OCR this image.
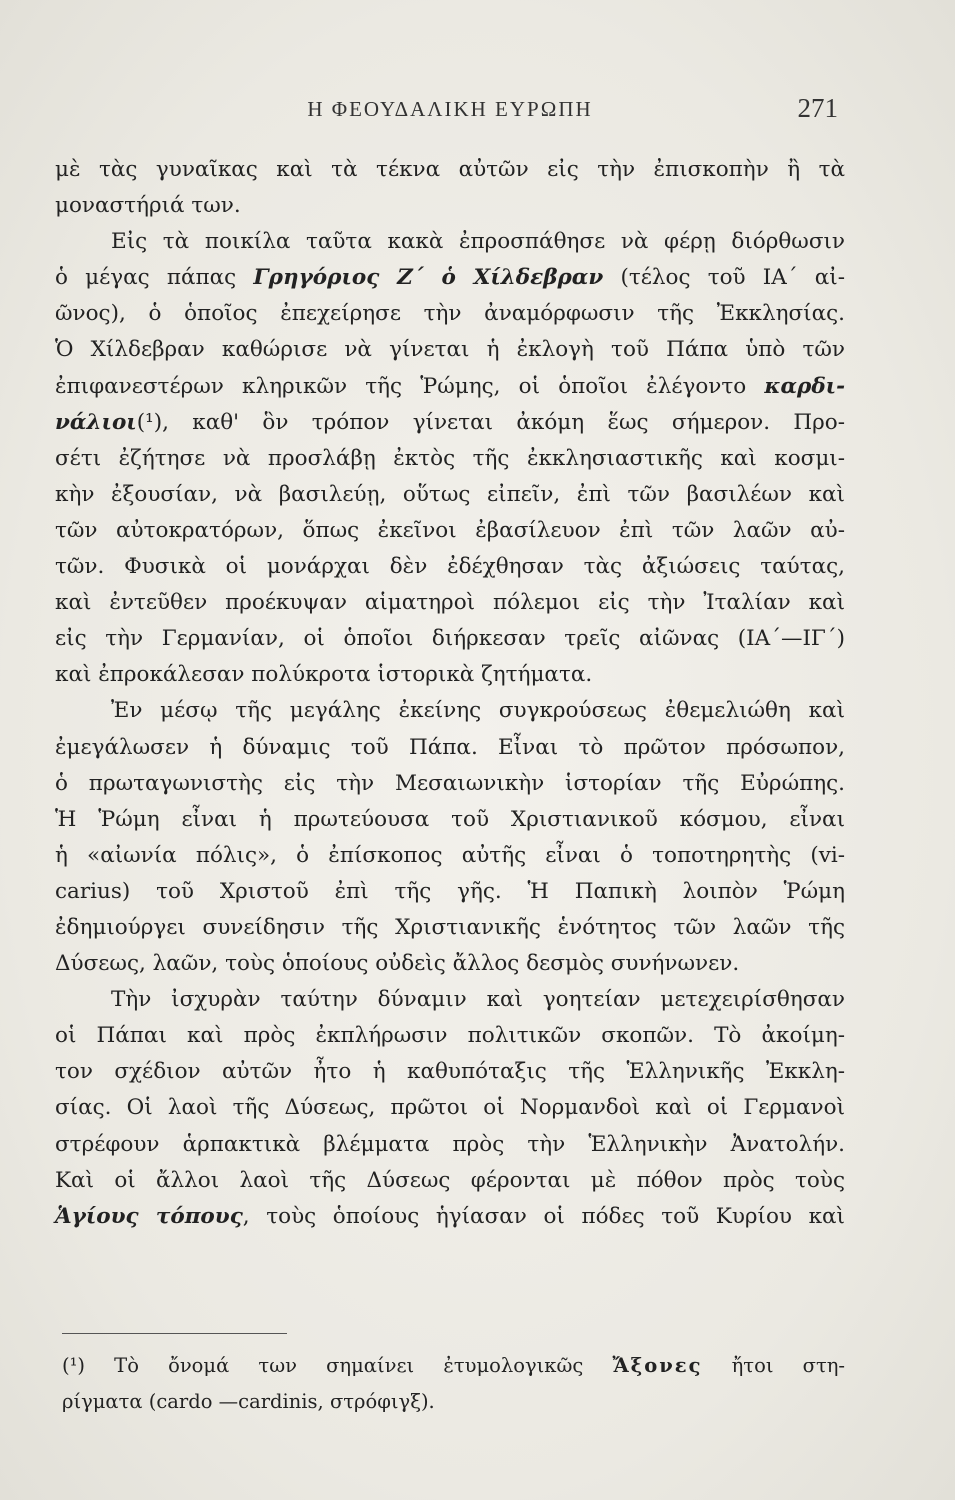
Η ΦΕΟΥΔΑΛΙΚΗ ΕΥΡΩΠΗ	271
μὲ τὰς γυναῖκας καὶ τὰ τέκνα αὐτῶν εἰς τὴν ἐπισκοπὴν ἢ τὰ
μοναστήριά των.
Εἰς τὰ ποικίλα ταῦτα κακὰ ἐπροσπάθησε νὰ φέρῃ διόρθωσιν
ὁ μέγας πάπας Γρηγόριος Ζ΄ ὁ Χίλδεβραν (τέλος τοῦ ΙΑ΄ αἰ-
ῶνος), ὁ ὁποῖος ἐπεχείρησε τὴν ἀναμόρφωσιν τῆς Ἐκκλησίας.
Ὁ Χίλδεβραν καθώρισε νὰ γίνεται ἡ ἐκλογὴ τοῦ Πάπα ὑπὸ τῶν
ἐπιφανεστέρων κληρικῶν τῆς Ῥώμης, οἱ ὁποῖοι ἐλέγοντο καρδι-
νάλιοι(¹), καθ' ὃν τρόπον γίνεται ἀκόμη ἕως σήμερον. Προ-
σέτι ἐζήτησε νὰ προσλάβῃ ἐκτὸς τῆς ἐκκλησιαστικῆς καὶ κοσμι-
κὴν ἐξουσίαν, νὰ βασιλεύῃ, οὕτως εἰπεῖν, ἐπὶ τῶν βασιλέων καὶ
τῶν αὐτοκρατόρων, ὅπως ἐκεῖνοι ἐβασίλευον ἐπὶ τῶν λαῶν αὐ-
τῶν. Φυσικὰ οἱ μονάρχαι δὲν ἐδέχθησαν τὰς ἀξιώσεις ταύτας,
καὶ ἐντεῦθεν προέκυψαν αἱματηροὶ πόλεμοι εἰς τὴν Ἰταλίαν καὶ
εἰς τὴν Γερμανίαν, οἱ ὁποῖοι διήρκεσαν τρεῖς αἰῶνας (ΙΑ΄—ΙΓ΄)
καὶ ἐπροκάλεσαν πολύκροτα ἱστορικὰ ζητήματα.
Ἐν μέσῳ τῆς μεγάλης ἐκείνης συγκρούσεως ἐθεμελιώθη καὶ
ἐμεγάλωσεν ἡ δύναμις τοῦ Πάπα. Εἶναι τὸ πρῶτον πρόσωπον,
ὁ πρωταγωνιστὴς εἰς τὴν Μεσαιωνικὴν ἱστορίαν τῆς Εὐρώπης.
Ἡ Ῥώμη εἶναι ἡ πρωτεύουσα τοῦ Χριστιανικοῦ κόσμου, εἶναι
ἡ «αἰωνία πόλις», ὁ ἐπίσκοπος αὐτῆς εἶναι ὁ τοποτηρητὴς (vi-
carius) τοῦ Χριστοῦ ἐπὶ τῆς γῆς. Ἡ Παπικὴ λοιπὸν Ῥώμη
ἐδημιούργει συνείδησιν τῆς Χριστιανικῆς ἑνότητος τῶν λαῶν τῆς
Δύσεως, λαῶν, τοὺς ὁποίους οὐδεὶς ἄλλος δεσμὸς συνήνωνεν.
Τὴν ἰσχυρὰν ταύτην δύναμιν καὶ γοητείαν μετεχειρίσθησαν
οἱ Πάπαι καὶ πρὸς ἐκπλήρωσιν πολιτικῶν σκοπῶν. Τὸ ἀκοίμη-
τον σχέδιον αὐτῶν ἦτο ἡ καθυπόταξις τῆς Ἑλληνικῆς Ἐκκλη-
σίας. Οἱ λαοὶ τῆς Δύσεως, πρῶτοι οἱ Νορμανδοὶ καὶ οἱ Γερμανοὶ
στρέφουν ἁρπακτικὰ βλέμματα πρὸς τὴν Ἑλληνικὴν Ἀνατολήν.
Καὶ οἱ ἄλλοι λαοὶ τῆς Δύσεως φέρονται μὲ πόθον πρὸς τοὺς
Ἁγίους τόπους, τοὺς ὁποίους ἡγίασαν οἱ πόδες τοῦ Κυρίου καὶ
(¹) Τὸ ὄνομά των σημαίνει ἐτυμολογικῶς Ἄξονες ἤτοι στη-
ρίγματα (cardo —cardinis, στρόφιγξ).
